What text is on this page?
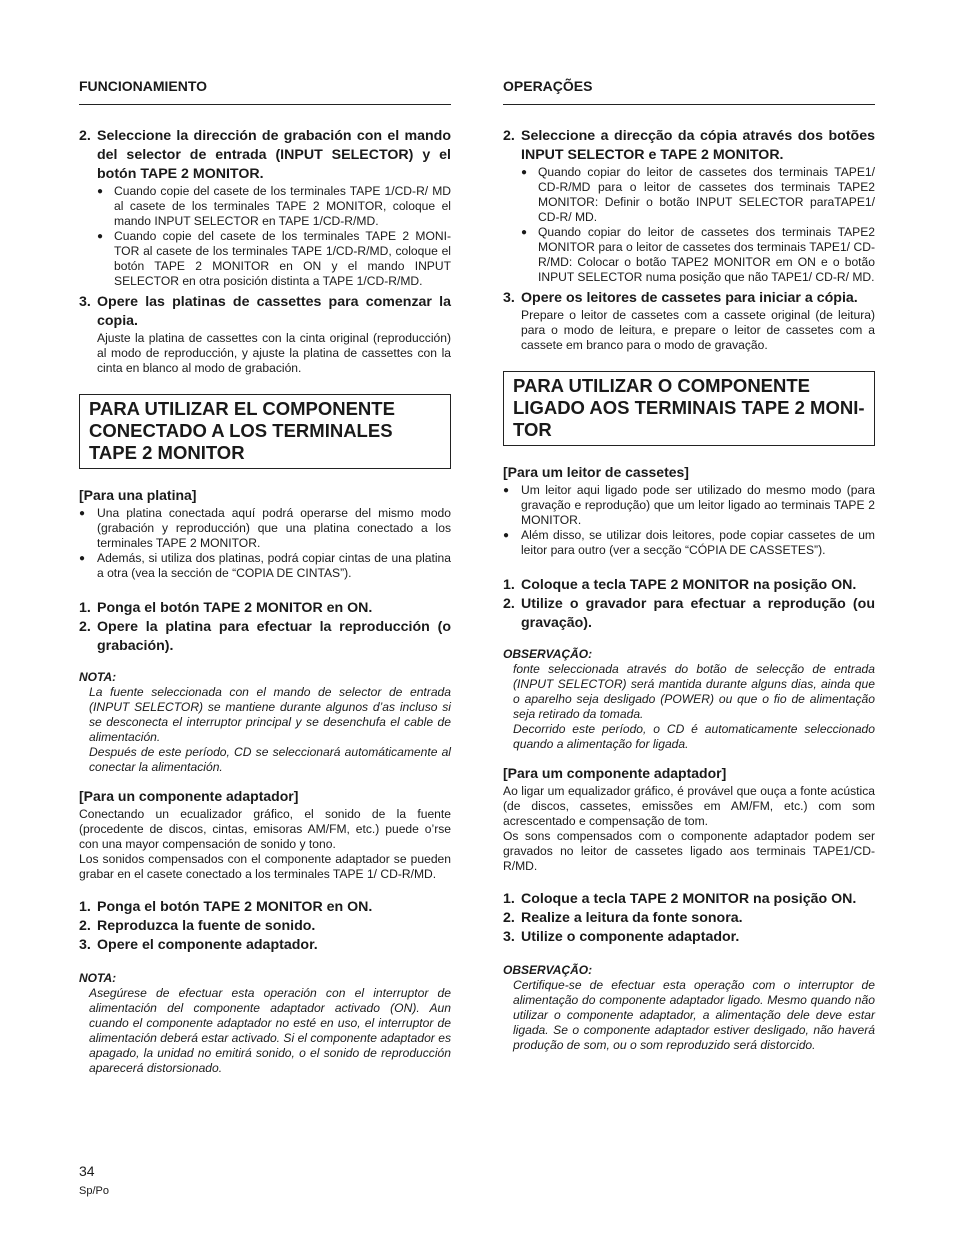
FUNCIONAMIENTO
2. Seleccione la dirección de grabación con el mando del selector de entrada (INPUT SELECTOR) y el botón TAPE 2 MONITOR.
● Cuando copie del casete de los terminales TAPE 1/CD-R/ MD al casete de los terminales TAPE 2 MONITOR, coloque el mando INPUT SELECTOR en TAPE 1/CD-R/MD.
● Cuando copie del casete de los terminales TAPE 2 MONI- TOR al casete de los terminales TAPE 1/CD-R/MD, coloque el botón TAPE 2 MONITOR en ON y el mando INPUT SELECTOR en otra posición distinta a TAPE 1/CD-R/MD.
3. Opere las platinas de cassettes para comenzar la copia.

Ajuste la platina de cassettes con la cinta original (reproducción) al modo de reproducción, y ajuste la platina de cassettes con la cinta en blanco al modo de grabación.

PARA UTILIZAR EL COMPONENTE CONECTADO A LOS TERMINALES TAPE 2 MONITOR
[Para una platina]
● Una platina conectada aquí podrá operarse del mismo modo (grabación y reproducción) que una platina conectado a los terminales TAPE 2 MONITOR.
● Además, si utiliza dos platinas, podrá copiar cintas de una platina a otra (vea la sección de “COPIA DE CINTAS”).
1. Ponga el botón TAPE 2 MONITOR en ON.
2. Opere la platina para efectuar la reproducción (o grabación).

NOTA:

La fuente seleccionada con el mando de selector de entrada (INPUT SELECTOR) se mantiene durante algunos d’as incluso si se desconecta el interruptor principal y se desenchufa el cable de alimentación.

Después de este período, CD se seleccionará automáticamente al conectar la alimentación.

[Para un componente adaptador]

Conectando un ecualizador gráfico, el sonido de la fuente (procedente de discos, cintas, emisoras AM/FM, etc.) puede o’rse con una mayor compensación de sonido y tono.

Los sonidos compensados con el componente adaptador se pueden grabar en el casete conectado a los terminales TAPE 1/ CD-R/MD.

1. Ponga el botón TAPE 2 MONITOR en ON.
2. Reproduzca la fuente de sonido.
3. Opere el componente adaptador.

NOTA:

Asegúrese de efectuar esta operación con el interruptor de alimentación del componente adaptador activado (ON). Aun cuando el componente adaptador no esté en uso, el interruptor de alimentación deberá estar activado. Si el componente adaptador es apagado, la unidad no emitirá sonido, o el sonido de reproducción aparecerá distorsionado.

OPERAÇÕES
2. Seleccione a direcção da cópia através dos botões INPUT SELECTOR e TAPE 2 MONITOR.
● Quando copiar do leitor de cassetes dos terminais TAPE1/ CD-R/MD para o leitor de cassetes dos terminais TAPE2 MONITOR: Definir o botão INPUT SELECTOR paraTAPE1/ CD-R/ MD.
● Quando copiar do leitor de cassetes dos terminais TAPE2 MONITOR para o leitor de cassetes dos terminais TAPE1/ CD-R/MD: Colocar o botão TAPE2 MONITOR em ON e o botão INPUT SELECTOR numa posição que não TAPE1/ CD-R/ MD.
3. Opere os leitores de cassetes para iniciar a cópia.

Prepare o leitor de cassetes com a cassete original (de leitura) para o modo de leitura, e prepare o leitor de cassetes com a cassete em branco para o modo de gravação.

PARA UTILIZAR O COMPONENTE LIGADO AOS TERMINAIS TAPE 2 MONI- TOR
[Para um leitor de cassetes]
● Um leitor aqui ligado pode ser utilizado do mesmo modo (para gravação e reprodução) que um leitor ligado ao terminais TAPE 2 MONITOR.
● Além disso, se utilizar dois leitores, pode copiar cassetes de um leitor para outro (ver a secção “CÓPIA DE CASSETES”).
1. Coloque a tecla TAPE 2 MONITOR na posição ON.
2. Utilize o gravador para efectuar a reprodução (ou gravação).

OBSERVAÇÃO:

fonte seleccionada através do botão de selecção de entrada (INPUT SELECTOR) será mantida durante alguns dias, ainda que o aparelho seja desligado (POWER) ou que o fio de alimentação seja retirado da tomada.

Decorrido este período, o CD é automaticamente seleccionado quando a alimentação for ligada.

[Para um componente adaptador]

Ao ligar um equalizador gráfico, é provável que ouça a fonte acústica (de discos, cassetes, emissões em AM/FM, etc.) com som acrescentado e compensação de tom.

Os sons compensados com o componente adaptador podem ser gravados no leitor de cassetes ligado aos terminais TAPE1/CD-R/MD.

1. Coloque a tecla TAPE 2 MONITOR na posição ON.
2. Realize a leitura da fonte sonora.
3. Utilize o componente adaptador.

OBSERVAÇÃO:

Certifique-se de efectuar esta operação com o interruptor de alimentação do componente adaptador ligado. Mesmo quando não utilizar o componente adaptador, a alimentação dele deve estar ligada. Se o componente adaptador estiver desligado, não haverá produção de som, ou o som reproduzido será distorcido.

34
Sp/Po
